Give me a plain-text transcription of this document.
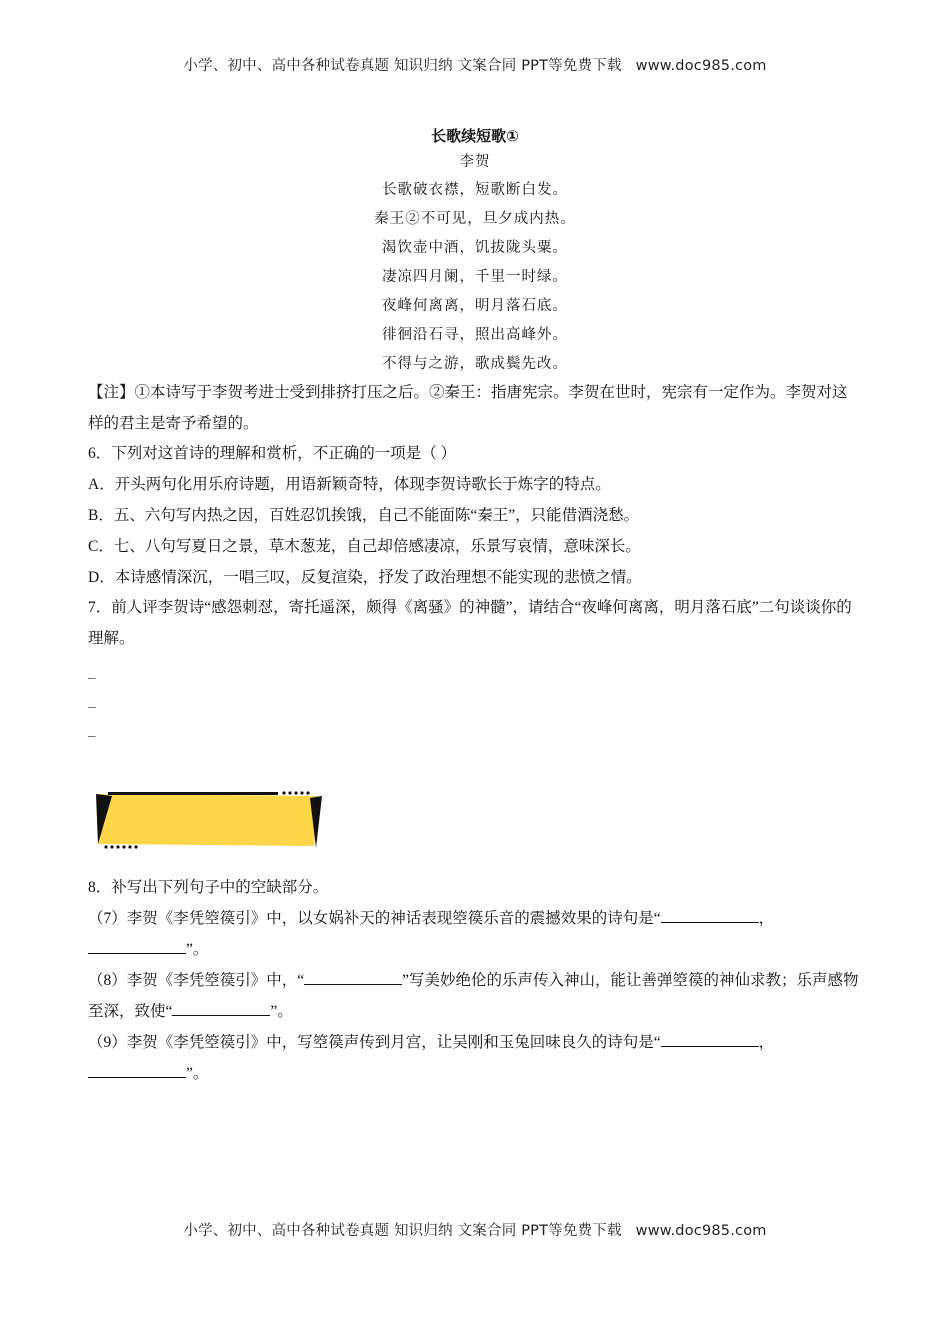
小学、初中、高中各种试卷真题 知识归纳 文案合同 PPT等免费下载 www.doc985.com
长歌续短歌①
李贺
长歌破衣襟，短歌断白发。
秦王②不可见，旦夕成内热。
渴饮壶中酒，饥拔陇头粟。
凄凉四月阑，千里一时绿。
夜峰何离离，明月落石底。
徘徊沿石寻，照出高峰外。
不得与之游，歌成鬓先改。
【注】①本诗写于李贺考进士受到排挤打压之后。②秦王：指唐宪宗。李贺在世时，宪宗有一定作为。李贺对这样的君主是寄予希望的。

6．下列对这首诗的理解和赏析，不正确的一项是（ ）

A．开头两句化用乐府诗题，用语新颖奇特，体现李贺诗歌长于炼字的特点。

B．五、六句写内热之因，百姓忍饥挨饿，自己不能面陈“秦王”，只能借酒浇愁。

C．七、八句写夏日之景，草木葱茏，自己却倍感凄凉，乐景写哀情，意味深长。

D．本诗感情深沉，一唱三叹，反复渲染，抒发了政治理想不能实现的悲愤之情。

7．前人评李贺诗“感怨刺怼，寄托遥深，颇得《离骚》的神髓”，请结合“夜峰何离离，明月落石底”二句谈谈你的理解。

_
_
_

8．补写出下列句子中的空缺部分。

（7）李贺《李凭箜篌引》中，以女娲补天的神话表现箜篌乐音的震撼效果的诗句是“	，
”。

（8）李贺《李凭箜篌引》中，“	”写美妙绝伦的乐声传入神山，能让善弹箜篌的神仙求教；乐声感物至深，致使“	”。

（9）李贺《李凭箜篌引》中，写箜篌声传到月宫，让吴刚和玉兔回味良久的诗句是“	，
”。

小学、初中、高中各种试卷真题 知识归纳 文案合同 PPT等免费下载 www.doc985.com
